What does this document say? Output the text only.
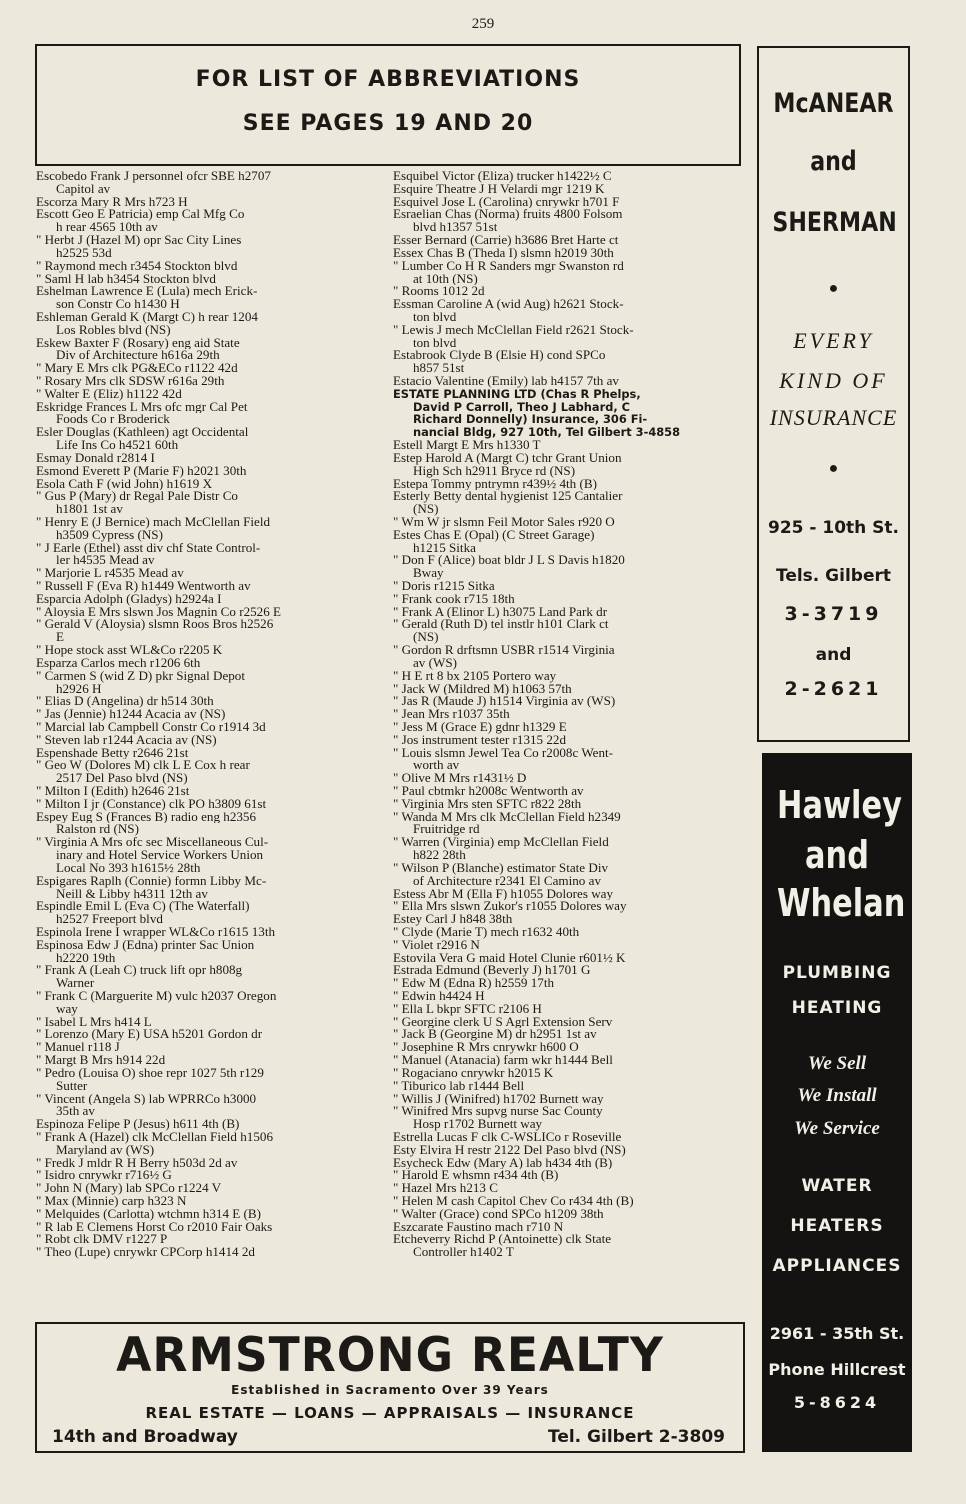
259
FOR LIST OF ABBREVIATIONS
SEE PAGES 19 AND 20
Escobedo Frank J personnel ofcr SBE h2707
Capitol av
Escorza Mary R Mrs h723 H
Escott Geo E Patricia) emp Cal Mfg Co
h rear 4565 10th av
" Herbt J (Hazel M) opr Sac City Lines
h2525 53d
" Raymond mech r3454 Stockton blvd
" Saml H lab h3454 Stockton blvd
Eshelman Lawrence E (Lula) mech Erick-
son Constr Co h1430 H
Eshleman Gerald K (Margt C) h rear 1204
Los Robles blvd (NS)
Eskew Baxter F (Rosary) eng aid State
Div of Architecture h616a 29th
" Mary E Mrs clk PG&ECo r1122 42d
" Rosary Mrs clk SDSW r616a 29th
" Walter E (Eliz) h1122 42d
Eskridge Frances L Mrs ofc mgr Cal Pet
Foods Co r Broderick
Esler Douglas (Kathleen) agt Occidental
Life Ins Co h4521 60th
Esmay Donald r2814 I
Esmond Everett P (Marie F) h2021 30th
Esola Cath F (wid John) h1619 X
" Gus P (Mary) dr Regal Pale Distr Co
h1801 1st av
" Henry E (J Bernice) mach McClellan Field
h3509 Cypress (NS)
" J Earle (Ethel) asst div chf State Control-
ler h4535 Mead av
" Marjorie L r4535 Mead av
" Russell F (Eva R) h1449 Wentworth av
Esparcia Adolph (Gladys) h2924a I
" Aloysia E Mrs slswn Jos Magnin Co r2526 E
" Gerald V (Aloysia) slsmn Roos Bros h2526
E
" Hope stock asst WL&Co r2205 K
Esparza Carlos mech r1206 6th
" Carmen S (wid Z D) pkr Signal Depot
h2926 H
" Elias D (Angelina) dr h514 30th
" Jas (Jennie) h1244 Acacia av (NS)
" Marcial lab Campbell Constr Co r1914 3d
" Steven lab r1244 Acacia av (NS)
Espenshade Betty r2646 21st
" Geo W (Dolores M) clk L E Cox h rear
2517 Del Paso blvd (NS)
" Milton I (Edith) h2646 21st
" Milton I jr (Constance) clk PO h3809 61st
Espey Eug S (Frances B) radio eng h2356
Ralston rd (NS)
" Virginia A Mrs ofc sec Miscellaneous Cul-
inary and Hotel Service Workers Union
Local No 393 h1615½ 28th
Espigares Raplh (Connie) formn Libby Mc-
Neill & Libby h4311 12th av
Espindle Emil L (Eva C) (The Waterfall)
h2527 Freeport blvd
Espinola Irene I wrapper WL&Co r1615 13th
Espinosa Edw J (Edna) printer Sac Union
h2220 19th
" Frank A (Leah C) truck lift opr h808g
Warner
" Frank C (Marguerite M) vulc h2037 Oregon
way
" Isabel L Mrs h414 L
" Lorenzo (Mary E) USA h5201 Gordon dr
" Manuel r118 J
" Margt B Mrs h914 22d
" Pedro (Louisa O) shoe repr 1027 5th r129
Sutter
" Vincent (Angela S) lab WPRRCo h3000
35th av
Espinoza Felipe P (Jesus) h611 4th (B)
" Frank A (Hazel) clk McClellan Field h1506
Maryland av (WS)
" Fredk J mldr R H Berry h503d 2d av
" Isidro cnrywkr r716½ G
" John N (Mary) lab SPCo r1224 V
" Max (Minnie) carp h323 N
" Melquides (Carlotta) wtchmn h314 E (B)
" R lab E Clemens Horst Co r2010 Fair Oaks
" Robt clk DMV r1227 P
" Theo (Lupe) cnrywkr CPCorp h1414 2d
Esquibel Victor (Eliza) trucker h1422½ C
Esquire Theatre J H Velardi mgr 1219 K
Esquivel Jose L (Carolina) cnrywkr h701 F
Esraelian Chas (Norma) fruits 4800 Folsom
blvd h1357 51st
Esser Bernard (Carrie) h3686 Bret Harte ct
Essex Chas B (Theda I) slsmn h2019 30th
" Lumber Co H R Sanders mgr Swanston rd
at 10th (NS)
" Rooms 1012 2d
Essman Caroline A (wid Aug) h2621 Stock-
ton blvd
" Lewis J mech McClellan Field r2621 Stock-
ton blvd
Estabrook Clyde B (Elsie H) cond SPCo
h857 51st
Estacio Valentine (Emily) lab h4157 7th av
ESTATE PLANNING LTD (Chas R Phelps,
David P Carroll, Theo J Labhard, C
Richard Donnelly) Insurance, 306 Fi-
nancial Bldg, 927 10th, Tel Gilbert 3-4858
Estell Margt E Mrs h1330 T
Estep Harold A (Margt C) tchr Grant Union
High Sch h2911 Bryce rd (NS)
Estepa Tommy pntrymn r439½ 4th (B)
Esterly Betty dental hygienist 125 Cantalier
(NS)
" Wm W jr slsmn Feil Motor Sales r920 O
Estes Chas E (Opal) (C Street Garage)
h1215 Sitka
" Don F (Alice) boat bldr J L S Davis h1820
Bway
" Doris r1215 Sitka
" Frank cook r715 18th
" Frank A (Elinor L) h3075 Land Park dr
" Gerald (Ruth D) tel instlr h101 Clark ct
(NS)
" Gordon R drftsmn USBR r1514 Virginia
av (WS)
" H E rt 8 bx 2105 Portero way
" Jack W (Mildred M) h1063 57th
" Jas R (Maude J) h1514 Virginia av (WS)
" Jean Mrs r1037 35th
" Jess M (Grace E) gdnr h1329 E
" Jos instrument tester r1315 22d
" Louis slsmn Jewel Tea Co r2008c Went-
worth av
" Olive M Mrs r1431½ D
" Paul cbtmkr h2008c Wentworth av
" Virginia Mrs sten SFTC r822 28th
" Wanda M Mrs clk McClellan Field h2349
Fruitridge rd
" Warren (Virginia) emp McClellan Field
h822 28th
" Wilson P (Blanche) estimator State Div
of Architecture r2341 El Camino av
Estess Abr M (Ella F) h1055 Dolores way
" Ella Mrs slswn Zukor's r1055 Dolores way
Estey Carl J h848 38th
" Clyde (Marie T) mech r1632 40th
" Violet r2916 N
Estovila Vera G maid Hotel Clunie r601½ K
Estrada Edmund (Beverly J) h1701 G
" Edw M (Edna R) h2559 17th
" Edwin h4424 H
" Ella L bkpr SFTC r2106 H
" Georgine clerk U S Agrl Extension Serv
" Jack B (Georgine M) dr h2951 1st av
" Josephine R Mrs cnrywkr h600 O
" Manuel (Atanacia) farm wkr h1444 Bell
" Rogaciano cnrywkr h2015 K
" Tiburico lab r1444 Bell
" Willis J (Winifred) h1702 Burnett way
" Winifred Mrs supvg nurse Sac County
Hosp r1702 Burnett way
Estrella Lucas F clk C-WSLICo r Roseville
Esty Elvira H restr 2122 Del Paso blvd (NS)
Esycheck Edw (Mary A) lab h434 4th (B)
" Harold E whsmn r434 4th (B)
" Hazel Mrs h213 C
" Helen M cash Capitol Chev Co r434 4th (B)
" Walter (Grace) cond SPCo h1209 38th
Eszcarate Faustino mach r710 N
Etcheverry Richd P (Antoinette) clk State
Controller h1402 T
McANEAR
and
SHERMAN
●
EVERY
KIND OF
INSURANCE
●
925 - 10th St.
Tels. Gilbert
3-3719
and
2-2621
Hawley
and
Whelan
PLUMBING
HEATING
We Sell
We Install
We Service
WATER
HEATERS
APPLIANCES
2961 - 35th St.
Phone Hillcrest
5-8624
ARMSTRONG REALTY
Established in Sacramento Over 39 Years
REAL ESTATE — LOANS — APPRAISALS — INSURANCE
14th and Broadway	Tel. Gilbert 2-3809
